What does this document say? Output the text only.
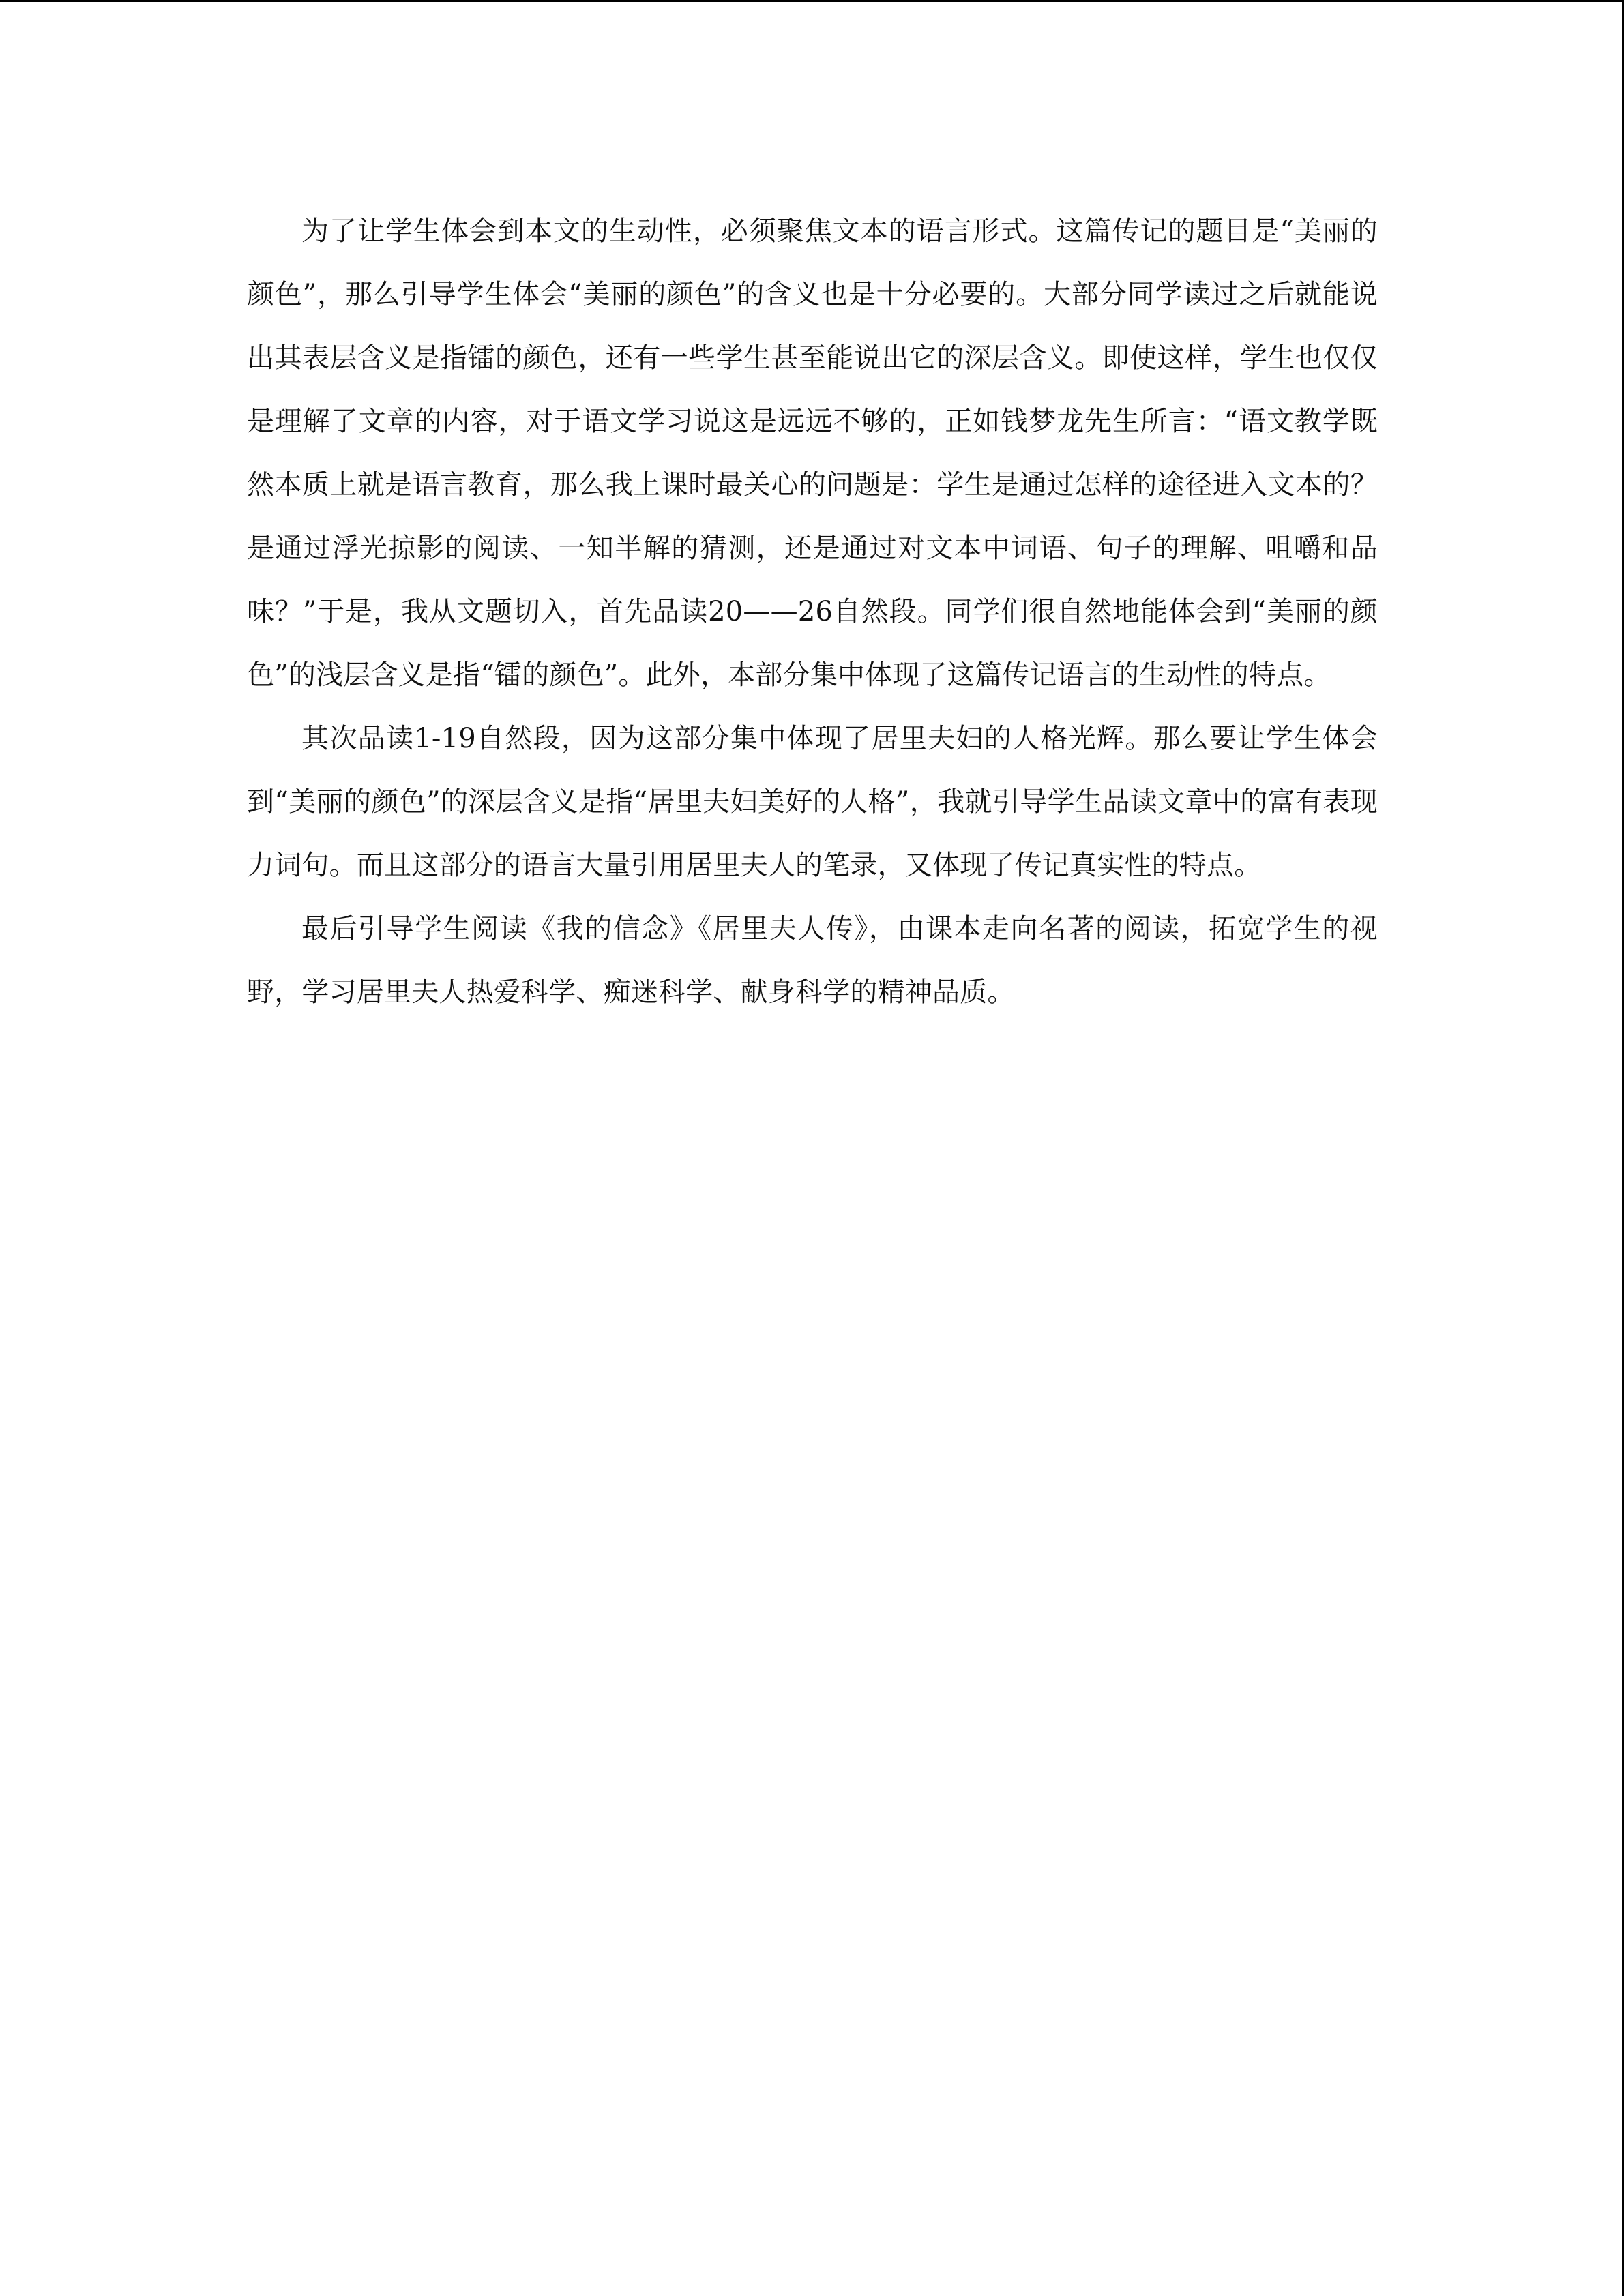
为了让学生体会到本文的生动性，必须聚焦文本的语言形式。这篇传记的题目是“美丽的颜色”，那么引导学生体会“美丽的颜色”的含义也是十分必要的。大部分同学读过之后就能说出其表层含义是指镭的颜色，还有一些学生甚至能说出它的深层含义。即使这样，学生也仅仅是理解了文章的内容，对于语文学习说这是远远不够的，正如钱梦龙先生所言：“语文教学既然本质上就是语言教育，那么我上课时最关心的问题是：学生是通过怎样的途径进入文本的？是通过浮光掠影的阅读、一知半解的猜测，还是通过对文本中词语、句子的理解、咀嚼和品味？”于是，我从文题切入，首先品读20——26自然段。同学们很自然地能体会到“美丽的颜色”的浅层含义是指“镭的颜色”。此外，本部分集中体现了这篇传记语言的生动性的特点。

其次品读1-19自然段，因为这部分集中体现了居里夫妇的人格光辉。那么要让学生体会到“美丽的颜色”的深层含义是指“居里夫妇美好的人格”，我就引导学生品读文章中的富有表现力词句。而且这部分的语言大量引用居里夫人的笔录，又体现了传记真实性的特点。

最后引导学生阅读《我的信念》《居里夫人传》，由课本走向名著的阅读，拓宽学生的视野，学习居里夫人热爱科学、痴迷科学、献身科学的精神品质。
